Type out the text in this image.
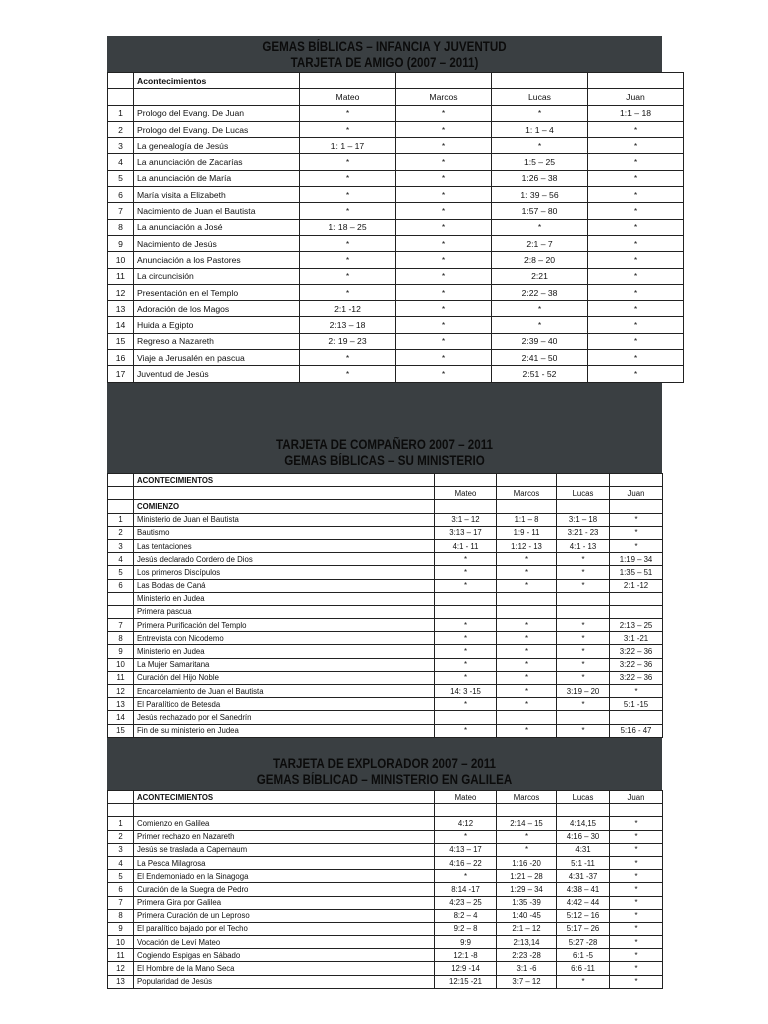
GEMAS BÍBLICAS – INFANCIA Y JUVENTUD
TARJETA DE AMIGO (2007 – 2011)
TARJETA DE COMPAÑERO 2007 – 2011
GEMAS BÍBLICAS – SU MINISTERIO
TARJETA DE EXPLORADOR 2007 – 2011
GEMAS BÍBLICAD – MINISTERIO EN GALILEA
	Acontecimientos				
		Mateo	Marcos	Lucas	Juan
1	Prologo del Evang. De Juan	*	*	*	1:1 – 18
2	Prologo del Evang. De Lucas	*	*	1: 1 – 4	*
3	La genealogía de Jesús	1: 1 – 17	*	*	*
4	La anunciación de Zacarías	*	*	1:5 – 25	*
5	La anunciación de María	*	*	1:26 – 38	*
6	María visita a Elizabeth	*	*	1: 39 – 56	*
7	Nacimiento de Juan el Bautista	*	*	1:57 – 80	*
8	La anunciación a José	1: 18 – 25	*	*	*
9	Nacimiento de Jesús	*	*	2:1 – 7	*
10	Anunciación a los Pastores	*	*	2:8 – 20	*
11	La circuncisión	*	*	2:21	*
12	Presentación en el Templo	*	*	2:22 – 38	*
13	Adoración de los Magos	2:1 -12	*	*	*
14	Huida a Egipto	2:13 – 18	*	*	*
15	Regreso a Nazareth	2: 19 – 23	*	2:39 – 40	*
16	Viaje a Jerusalén en pascua	*	*	2:41 – 50	*
17	Juventud de Jesús	*	*	2:51 - 52	*
	ACONTECIMIENTOS				
		Mateo	Marcos	Lucas	Juan
	COMIENZO				
1	Ministerio de Juan el Bautista	3:1 – 12	1:1 – 8	3:1 – 18	*
2	Bautismo	3:13 – 17	1:9 - 11	3:21 - 23	*
3	Las tentaciones	4:1 - 11	1:12 - 13	4:1 - 13	*
4	Jesús declarado Cordero de Dios	*	*	*	1:19 – 34
5	Los primeros Discípulos	*	*	*	1:35 – 51
6	Las Bodas de Caná	*	*	*	2:1 -12
	Ministerio en Judea				
	Primera pascua				
7	Primera Purificación del Templo	*	*	*	2:13 – 25
8	Entrevista con Nicodemo	*	*	*	3:1 -21
9	Ministerio en Judea	*	*	*	3:22 – 36
10	La Mujer Samaritana	*	*	*	3:22 – 36
11	Curación del Hijo Noble	*	*	*	3:22 – 36
12	Encarcelamiento de Juan el Bautista	14: 3 -15	*	3:19 – 20	*
13	El Paralítico de Betesda	*	*	*	5:1 -15
14	Jesús rechazado por el Sanedrín				
15	Fin de su ministerio en Judea	*	*	*	5:16 - 47
	ACONTECIMIENTOS	Mateo	Marcos	Lucas	Juan

1	Comienzo en Galilea	4:12	2:14 – 15	4:14,15	*
2	Primer rechazo en Nazareth	*	*	4:16 – 30	*
3	Jesús se traslada a Capernaum	4:13 – 17	*	4:31	*
4	La Pesca Milagrosa	4:16 – 22	1:16 -20	5:1 -11	*
5	El Endemoniado en la Sinagoga	*	1:21 – 28	4:31 -37	*
6	Curación de la Suegra de Pedro	8:14 -17	1:29 – 34	4:38 – 41	*
7	Primera Gira por Galilea	4:23 – 25	1:35 -39	4:42 – 44	*
8	Primera Curación de un Leproso	8:2 – 4	1:40 -45	5:12 – 16	*
9	El paralítico bajado por el Techo	9:2 – 8	2:1 – 12	5:17 – 26	*
10	Vocación de Leví Mateo	9:9	2:13,14	5:27 -28	*
11	Cogiendo Espigas en Sábado	12:1 -8	2:23 -28	6:1 -5	*
12	El Hombre de la Mano Seca	12:9 -14	3:1 -6	6:6 -11	*
13	Popularidad de Jesús	12:15 -21	3:7 – 12	*	*
